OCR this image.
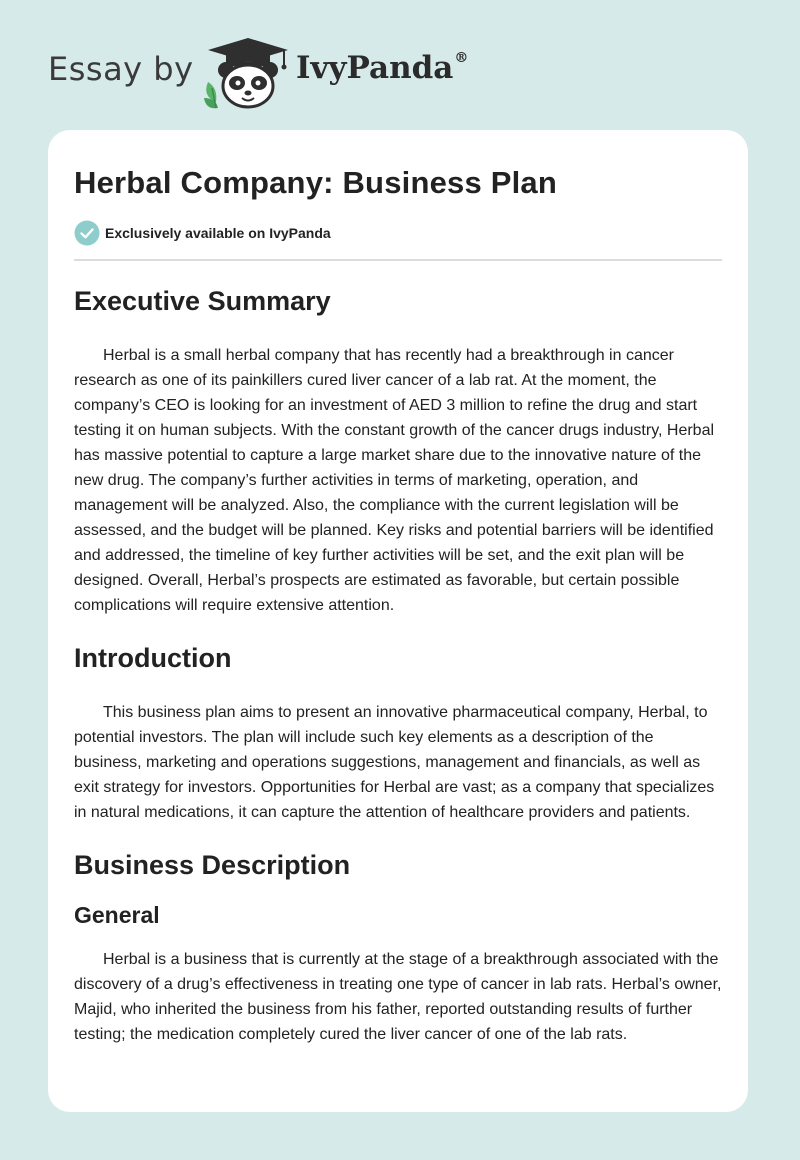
Essay by	IvyPanda®
Herbal Company: Business Plan
Exclusively available on IvyPanda
Executive Summary

Herbal is a small herbal company that has recently had a breakthrough in cancer research as one of its painkillers cured liver cancer of a lab rat. At the moment, the company’s CEO is looking for an investment of AED 3 million to refine the drug and start testing it on human subjects. With the constant growth of the cancer drugs industry, Herbal has massive potential to capture a large market share due to the innovative nature of the new drug. The company’s further activities in terms of marketing, operation, and management will be analyzed. Also, the compliance with the current legislation will be assessed, and the budget will be planned. Key risks and potential barriers will be identified and addressed, the timeline of key further activities will be set, and the exit plan will be designed. Overall, Herbal’s prospects are estimated as favorable, but certain possible complications will require extensive attention.

Introduction

This business plan aims to present an innovative pharmaceutical company, Herbal, to potential investors. The plan will include such key elements as a description of the business, marketing and operations suggestions, management and financials, as well as exit strategy for investors. Opportunities for Herbal are vast; as a company that specializes in natural medications, it can capture the attention of healthcare providers and patients.

Business Description
General

Herbal is a business that is currently at the stage of a breakthrough associated with the discovery of a drug’s effectiveness in treating one type of cancer in lab rats. Herbal’s owner, Majid, who inherited the business from his father, reported outstanding results of further testing; the medication completely cured the liver cancer of one of the lab rats.
